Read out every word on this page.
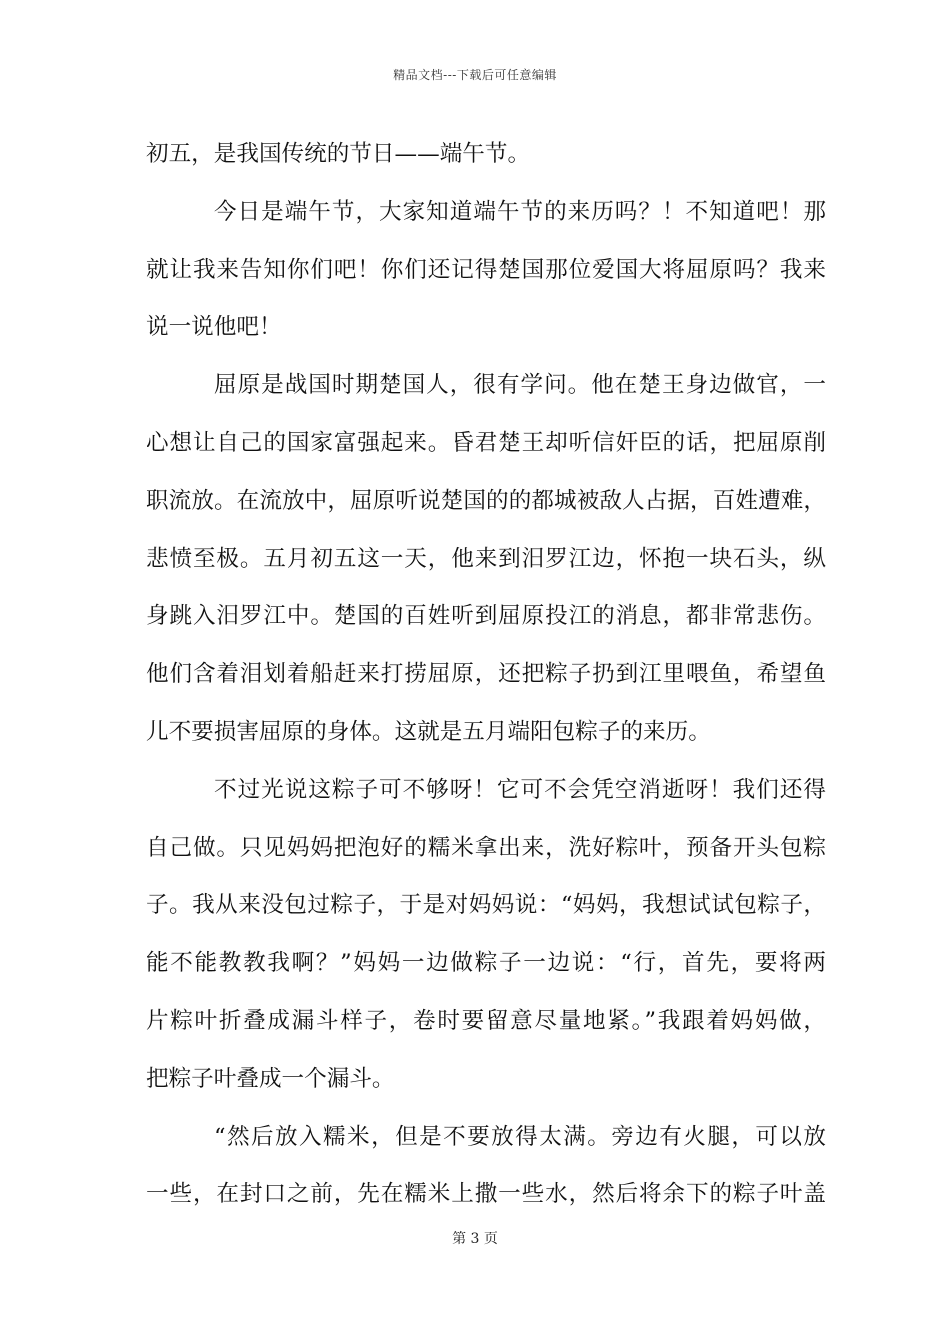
精品文档---下载后可任意编辑
初五，是我国传统的节日——端午节。
今日是端午节，大家知道端午节的来历吗？！不知道吧！那
就让我来告知你们吧！你们还记得楚国那位爱国大将屈原吗？我来
说一说他吧！
屈原是战国时期楚国人，很有学问。他在楚王身边做官，一
心想让自己的国家富强起来。昏君楚王却听信奸臣的话，把屈原削
职流放。在流放中，屈原听说楚国的的都城被敌人占据，百姓遭难，
悲愤至极。五月初五这一天，他来到汨罗江边，怀抱一块石头，纵
身跳入汨罗江中。楚国的百姓听到屈原投江的消息，都非常悲伤。
他们含着泪划着船赶来打捞屈原，还把粽子扔到江里喂鱼，希望鱼
儿不要损害屈原的身体。这就是五月端阳包粽子的来历。
不过光说这粽子可不够呀！它可不会凭空消逝呀！我们还得
自己做。只见妈妈把泡好的糯米拿出来，洗好粽叶，预备开头包粽
子。我从来没包过粽子，于是对妈妈说：“妈妈，我想试试包粽子，
能不能教教我啊？”妈妈一边做粽子一边说：“行，首先，要将两
片粽叶折叠成漏斗样子，卷时要留意尽量地紧。”我跟着妈妈做，
把粽子叶叠成一个漏斗。
“然后放入糯米，但是不要放得太满。旁边有火腿，可以放
一些，在封口之前，先在糯米上撒一些水，然后将余下的粽子叶盖
第 3 页
